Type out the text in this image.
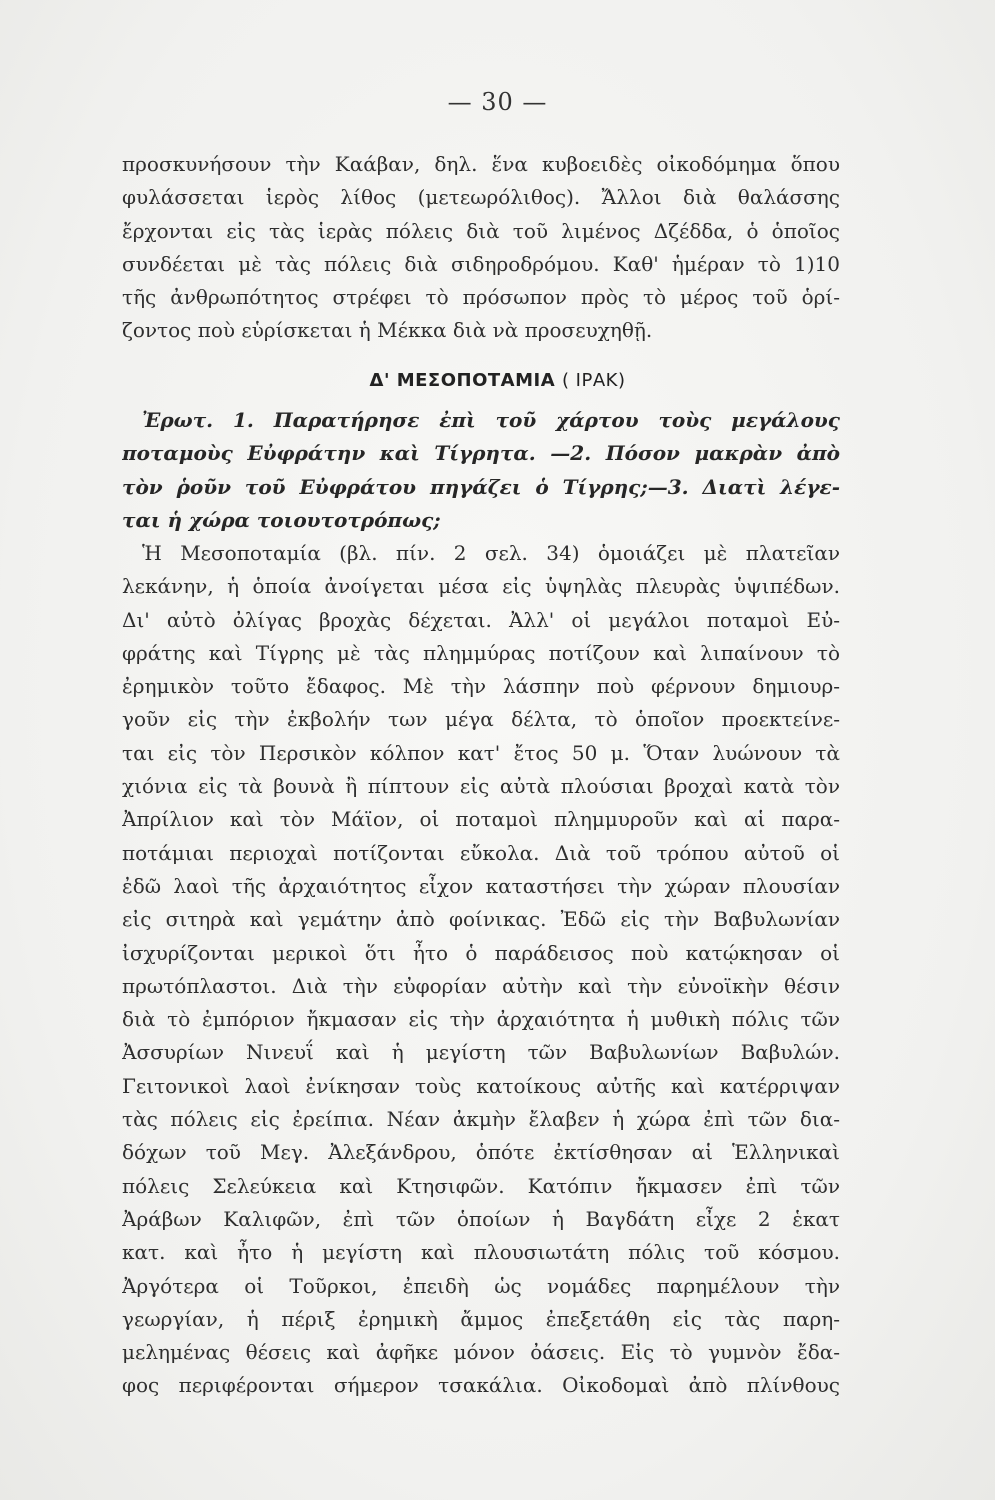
— 30 —
προσκυνήσουν τὴν Καάβαν, δηλ. ἕνα κυβοειδὲς οἰκοδόμημα ὅπου
φυλάσσεται ἱερὸς λίθος (μετεωρόλιθος). Ἄλλοι διὰ θαλάσσης
ἔρχονται εἰς τὰς ἱερὰς πόλεις διὰ τοῦ λιμένος Δζέδδα, ὁ ὁποῖος
συνδέεται μὲ τὰς πόλεις διὰ σιδηροδρόμου. Καθ' ἡμέραν τὸ 1)10
τῆς ἀνθρωπότητος στρέφει τὸ πρόσωπον πρὸς τὸ μέρος τοῦ ὁρί-
ζοντος ποὺ εὑρίσκεται ἡ Μέκκα διὰ νὰ προσευχηθῇ.
Δ' ΜΕΣΟΠΟΤΑΜΙΑ ( ΙΡΑΚ)
Ἐρωτ. 1. Παρατήρησε ἐπὶ τοῦ χάρτου τοὺς μεγάλους
ποταμοὺς Εὐφράτην καὶ Τίγρητα. —2. Πόσον μακρὰν ἀπὸ
τὸν ῥοῦν τοῦ Εὐφράτου πηγάζει ὁ Τίγρης;—3. Διατὶ λέγε-
ται ἡ χώρα τοιουτοτρόπως;
Ἡ Μεσοποταμία (βλ. πίν. 2 σελ. 34) ὁμοιάζει μὲ πλατεῖαν
λεκάνην, ἡ ὁποία ἀνοίγεται μέσα εἰς ὑψηλὰς πλευρὰς ὑψιπέδων.
Δι' αὐτὸ ὀλίγας βροχὰς δέχεται. Ἀλλ' οἱ μεγάλοι ποταμοὶ Εὐ-
φράτης καὶ Τίγρης μὲ τὰς πλημμύρας ποτίζουν καὶ λιπαίνουν τὸ
ἐρημικὸν τοῦτο ἔδαφος. Μὲ τὴν λάσπην ποὺ φέρνουν δημιουρ-
γοῦν εἰς τὴν ἐκβολήν των μέγα δέλτα, τὸ ὁποῖον προεκτείνε-
ται εἰς τὸν Περσικὸν κόλπον κατ' ἔτος 50 μ. Ὅταν λυώνουν τὰ
χιόνια εἰς τὰ βουνὰ ἢ πίπτουν εἰς αὐτὰ πλούσιαι βροχαὶ κατὰ τὸν
Ἀπρίλιον καὶ τὸν Μάϊον, οἱ ποταμοὶ πλημμυροῦν καὶ αἱ παρα-
ποτάμιαι περιοχαὶ ποτίζονται εὔκολα. Διὰ τοῦ τρόπου αὐτοῦ οἱ
ἐδῶ λαοὶ τῆς ἀρχαιότητος εἶχον καταστήσει τὴν χώραν πλουσίαν
εἰς σιτηρὰ καὶ γεμάτην ἀπὸ φοίνικας. Ἐδῶ εἰς τὴν Βαβυλωνίαν
ἰσχυρίζονται μερικοὶ ὅτι ἦτο ὁ παράδεισος ποὺ κατῴκησαν οἱ
πρωτόπλαστοι. Διὰ τὴν εὐφορίαν αὐτὴν καὶ τὴν εὐνοϊκὴν θέσιν
διὰ τὸ ἐμπόριον ἤκμασαν εἰς τὴν ἀρχαιότητα ἡ μυθικὴ πόλις τῶν
Ἀσσυρίων Νινευΐ καὶ ἡ μεγίστη τῶν Βαβυλωνίων Βαβυλών.
Γειτονικοὶ λαοὶ ἐνίκησαν τοὺς κατοίκους αὐτῆς καὶ κατέρριψαν
τὰς πόλεις εἰς ἐρείπια. Νέαν ἀκμὴν ἔλαβεν ἡ χώρα ἐπὶ τῶν δια-
δόχων τοῦ Μεγ. Ἀλεξάνδρου, ὁπότε ἐκτίσθησαν αἱ Ἑλληνικαὶ
πόλεις Σελεύκεια καὶ Κτησιφῶν. Κατόπιν ἤκμασεν ἐπὶ τῶν
Ἀράβων Καλιφῶν, ἐπὶ τῶν ὁποίων ἡ Βαγδάτη εἶχε 2 ἑκατ
κατ. καὶ ἦτο ἡ μεγίστη καὶ πλουσιωτάτη πόλις τοῦ κόσμου.
Ἀργότερα οἱ Τοῦρκοι, ἐπειδὴ ὡς νομάδες παρημέλουν τὴν
γεωργίαν, ἡ πέριξ ἐρημικὴ ἄμμος ἐπεξετάθη εἰς τὰς παρη-
μελημένας θέσεις καὶ ἀφῆκε μόνον ὀάσεις. Εἰς τὸ γυμνὸν ἔδα-
φος περιφέρονται σήμερον τσακάλια. Οἰκοδομαὶ ἀπὸ πλίνθους
